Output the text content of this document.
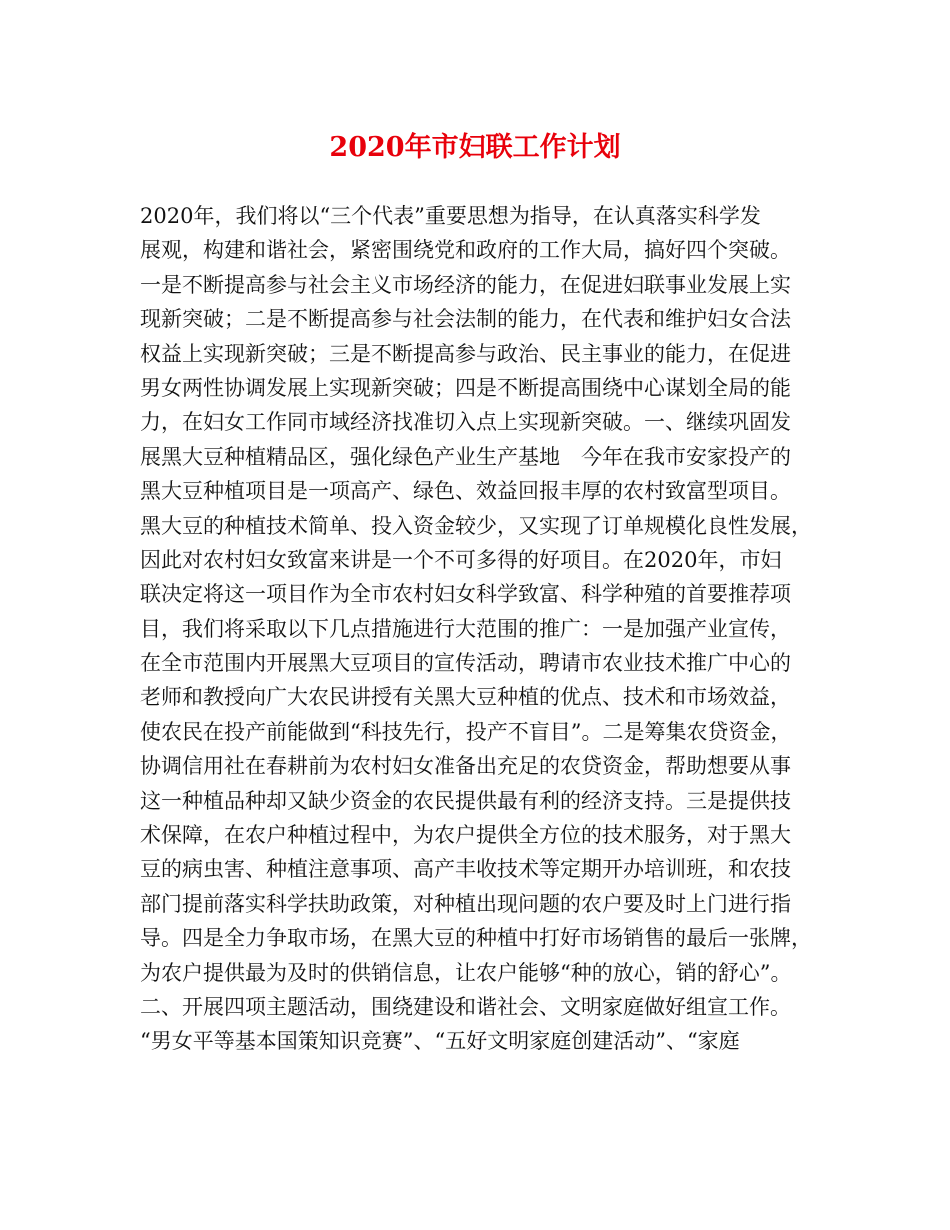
2020年市妇联工作计划
2020年，我们将以“三个代表”重要思想为指导，在认真落实科学发
展观，构建和谐社会，紧密围绕党和政府的工作大局，搞好四个突破。
一是不断提高参与社会主义市场经济的能力，在促进妇联事业发展上实
现新突破；二是不断提高参与社会法制的能力，在代表和维护妇女合法
权益上实现新突破；三是不断提高参与政治、民主事业的能力，在促进
男女两性协调发展上实现新突破；四是不断提高围绕中心谋划全局的能
力，在妇女工作同市域经济找准切入点上实现新突破。一、继续巩固发
展黑大豆种植精品区，强化绿色产业生产基地　今年在我市安家投产的
黑大豆种植项目是一项高产、绿色、效益回报丰厚的农村致富型项目。
黑大豆的种植技术简单、投入资金较少，又实现了订单规模化良性发展，
因此对农村妇女致富来讲是一个不可多得的好项目。在2020年，市妇
联决定将这一项目作为全市农村妇女科学致富、科学种殖的首要推荐项
目，我们将采取以下几点措施进行大范围的推广：一是加强产业宣传，
在全市范围内开展黑大豆项目的宣传活动，聘请市农业技术推广中心的
老师和教授向广大农民讲授有关黑大豆种植的优点、技术和市场效益，
使农民在投产前能做到“科技先行，投产不盲目”。二是筹集农贷资金，
协调信用社在春耕前为农村妇女准备出充足的农贷资金，帮助想要从事
这一种植品种却又缺少资金的农民提供最有利的经济支持。三是提供技
术保障，在农户种植过程中，为农户提供全方位的技术服务，对于黑大
豆的病虫害、种植注意事项、高产丰收技术等定期开办培训班，和农技
部门提前落实科学扶助政策，对种植出现问题的农户要及时上门进行指
导。四是全力争取市场，在黑大豆的种植中打好市场销售的最后一张牌，
为农户提供最为及时的供销信息，让农户能够“种的放心，销的舒心”。
二、开展四项主题活动，围绕建设和谐社会、文明家庭做好组宣工作。
“男女平等基本国策知识竞赛”、“五好文明家庭创建活动”、“家庭
